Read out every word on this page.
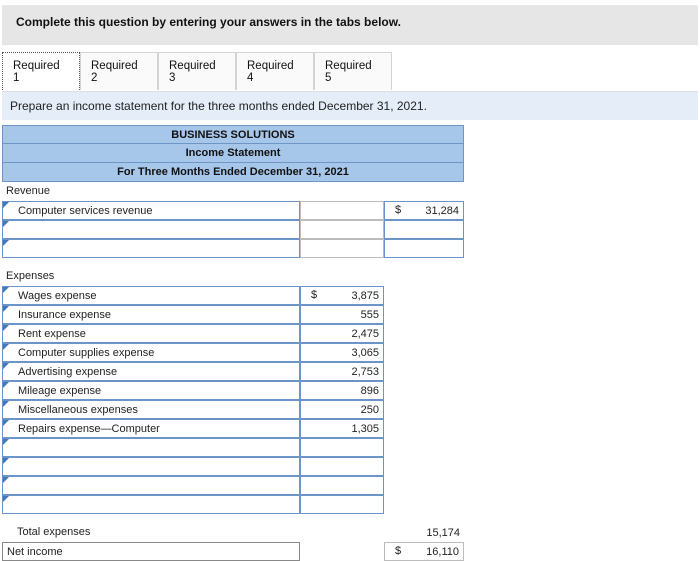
Complete this question by entering your answers in the tabs below.
Required 1
Required 2
Required 3
Required 4
Required 5
Prepare an income statement for the three months ended December 31, 2021.
BUSINESS SOLUTIONS
Income Statement
For Three Months Ended December 31, 2021
Revenue
Computer services revenue	$ 31,284
Expenses
Wages expense	$	3,875
Insurance expense	555
Rent expense	2,475
Computer supplies expense	3,065
Advertising expense	2,753
Mileage expense	896
Miscellaneous expenses	250
Repairs expense—Computer	1,305
Total expenses	15,174
Net income	$ 16,110
